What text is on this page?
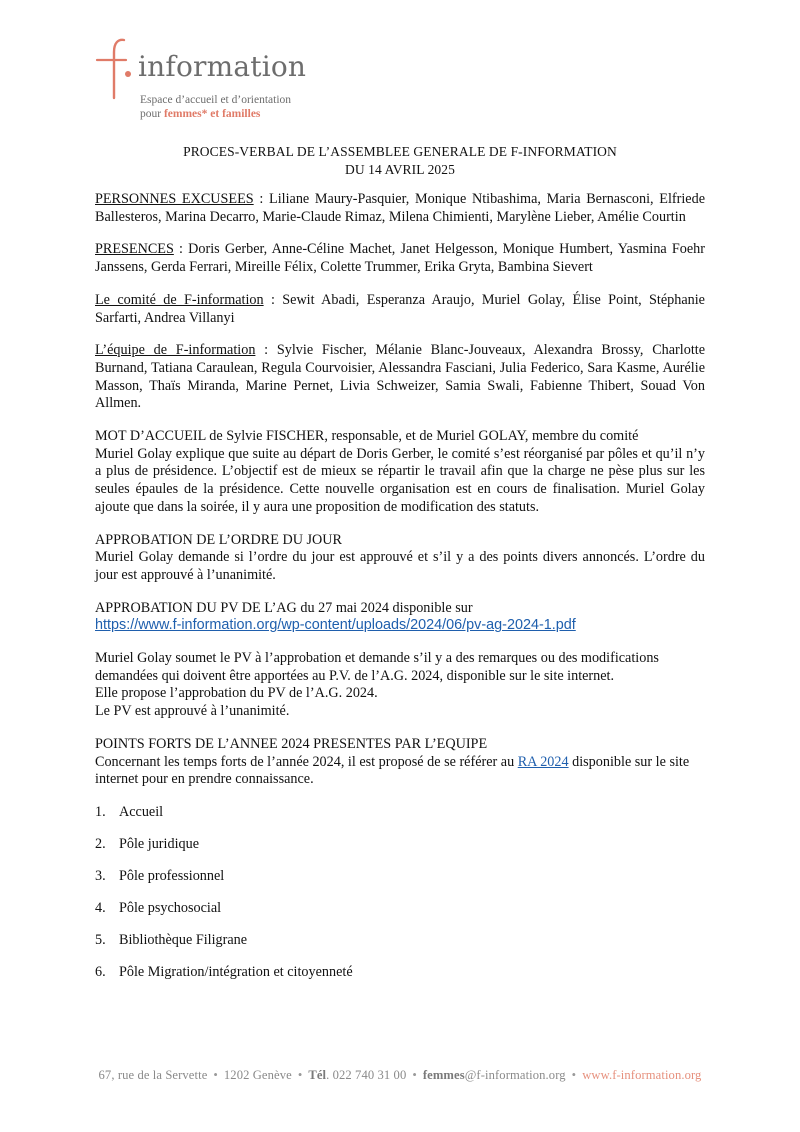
information
Espace d’accueil et d’orientation
pour femmes* et familles
PROCES-VERBAL DE L’ASSEMBLEE GENERALE DE F-INFORMATION
DU 14 AVRIL 2025

PERSONNES EXCUSEES : Liliane Maury-Pasquier, Monique Ntibashima, Maria Bernasconi, Elfriede Ballesteros, Marina Decarro, Marie-Claude Rimaz, Milena Chimienti, Marylène Lieber, Amélie Courtin

PRESENCES : Doris Gerber, Anne-Céline Machet, Janet Helgesson, Monique Humbert, Yasmina Foehr Janssens, Gerda Ferrari, Mireille Félix, Colette Trummer, Erika Gryta, Bambina Sievert

Le comité de F-information : Sewit Abadi, Esperanza Araujo, Muriel Golay, Élise Point, Stéphanie Sarfarti, Andrea Villanyi

L’équipe de F-information : Sylvie Fischer, Mélanie Blanc-Jouveaux, Alexandra Brossy, Charlotte Burnand, Tatiana Caraulean, Regula Courvoisier, Alessandra Fasciani, Julia Federico, Sara Kasme, Aurélie Masson, Thaïs Miranda, Marine Pernet, Livia Schweizer, Samia Swali, Fabienne Thibert, Souad Von Allmen.

MOT D’ACCUEIL de Sylvie FISCHER, responsable, et de Muriel GOLAY, membre du comité
Muriel Golay explique que suite au départ de Doris Gerber, le comité s’est réorganisé par pôles et qu’il n’y a plus de présidence. L’objectif est de mieux se répartir le travail afin que la charge ne pèse plus sur les seules épaules de la présidence. Cette nouvelle organisation est en cours de finalisation. Muriel Golay ajoute que dans la soirée, il y aura une proposition de modification des statuts.
APPROBATION DE L’ORDRE DU JOUR
Muriel Golay demande si l’ordre du jour est approuvé et s’il y a des points divers annoncés. L’ordre du jour est approuvé à l’unanimité.
APPROBATION DU PV DE L’AG du 27 mai 2024 disponible sur
https://www.f-information.org/wp-content/uploads/2024/06/pv-ag-2024-1.pdf
Muriel Golay soumet le PV à l’approbation et demande s’il y a des remarques ou des modifications demandées qui doivent être apportées au P.V. de l’A.G. 2024, disponible sur le site internet.
Elle propose l’approbation du PV de l’A.G. 2024.
Le PV est approuvé à l’unanimité.
POINTS FORTS DE L’ANNEE 2024 PRESENTES PAR L’EQUIPE
Concernant les temps forts de l’année 2024, il est proposé de se référer au RA 2024 disponible sur le site internet pour en prendre connaissance.
1. Accueil
2. Pôle juridique
3. Pôle professionnel
4. Pôle psychosocial
5. Bibliothèque Filigrane
6. Pôle Migration/intégration et citoyenneté
67, rue de la Servette • 1202 Genève • Tél. 022 740 31 00 • femmes@f-information.org • www.f-information.org
